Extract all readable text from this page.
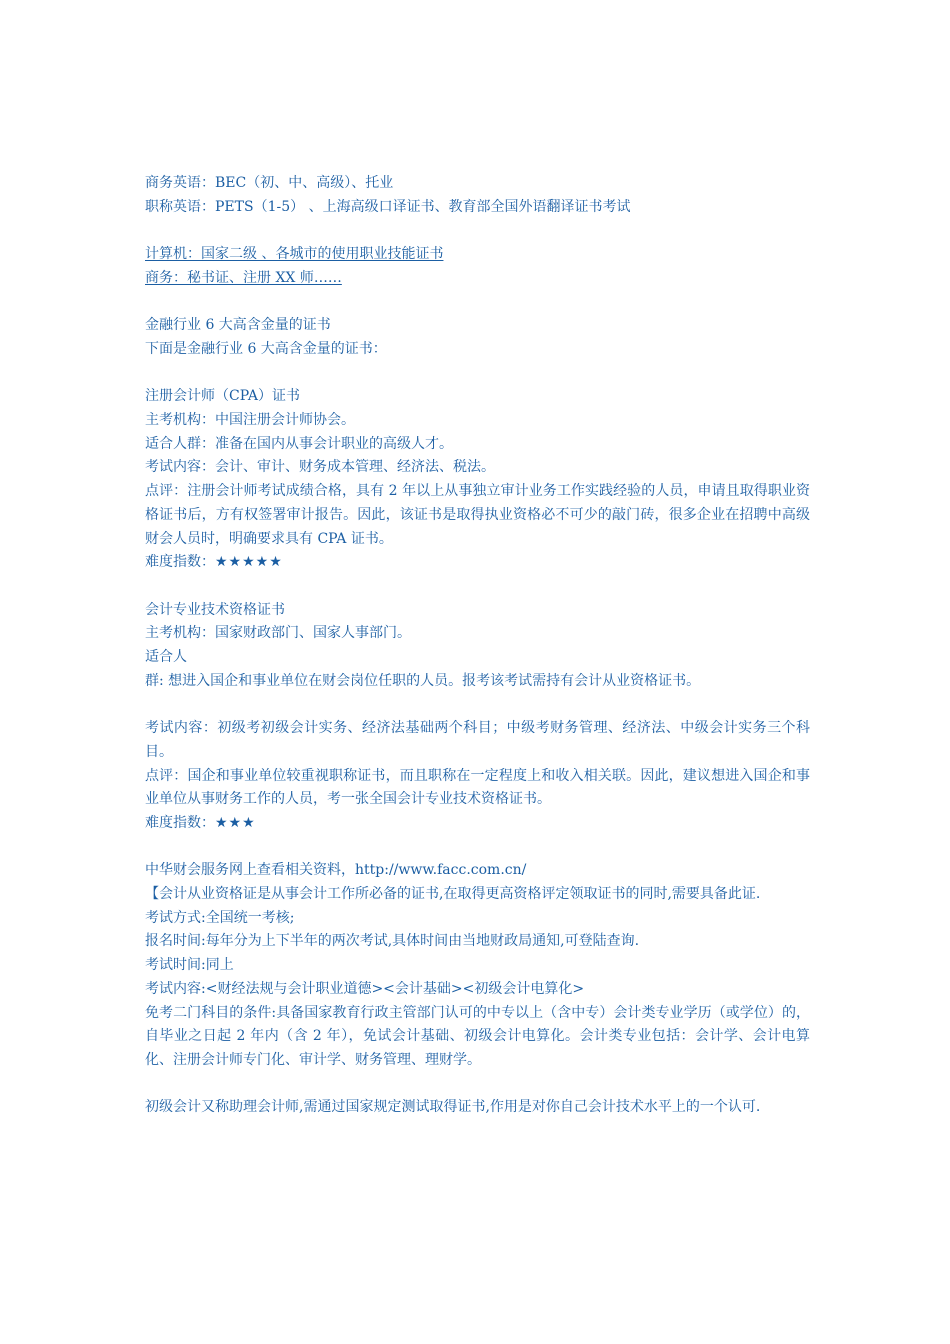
商务英语：BEC（初、中、高级）、托业
职称英语：PETS（1-5） 、上海高级口译证书、教育部全国外语翻译证书考试
计算机：国家二级 、各城市的使用职业技能证书
商务：秘书证、注册 XX 师……
金融行业 6 大高含金量的证书
下面是金融行业 6 大高含金量的证书：
注册会计师（CPA）证书
主考机构：中国注册会计师协会。
适合人群：准备在国内从事会计职业的高级人才。
考试内容：会计、审计、财务成本管理、经济法、税法。
点评：注册会计师考试成绩合格，具有 2 年以上从事独立审计业务工作实践经验的人员，申请且取得职业资格证书后，方有权签署审计报告。因此，该证书是取得执业资格必不可少的敲门砖，很多企业在招聘中高级财会人员时，明确要求具有 CPA 证书。
难度指数：★★★★★
会计专业技术资格证书
主考机构：国家财政部门、国家人事部门。
适合人
群: 想进入国企和事业单位在财会岗位任职的人员。报考该考试需持有会计从业资格证书。
考试内容：初级考初级会计实务、经济法基础两个科目；中级考财务管理、经济法、中级会计实务三个科目。
点评：国企和事业单位较重视职称证书，而且职称在一定程度上和收入相关联。因此，建议想进入国企和事业单位从事财务工作的人员，考一张全国会计专业技术资格证书。
难度指数：★★★
中华财会服务网上查看相关资料，http://www.facc.com.cn/
【会计从业资格证是从事会计工作所必备的证书,在取得更高资格评定领取证书的同时,需要具备此证.
考试方式:全国统一考核;
报名时间:每年分为上下半年的两次考试,具体时间由当地财政局通知,可登陆查询.
考试时间:同上
考试内容:<财经法规与会计职业道德><会计基础><初级会计电算化>
免考二门科目的条件:具备国家教育行政主管部门认可的中专以上（含中专）会计类专业学历（或学位）的，自毕业之日起 2 年内（含 2 年），免试会计基础、初级会计电算化。会计类专业包括：会计学、会计电算化、注册会计师专门化、审计学、财务管理、理财学。
初级会计又称助理会计师,需通过国家规定测试取得证书,作用是对你自己会计技术水平上的一个认可.
